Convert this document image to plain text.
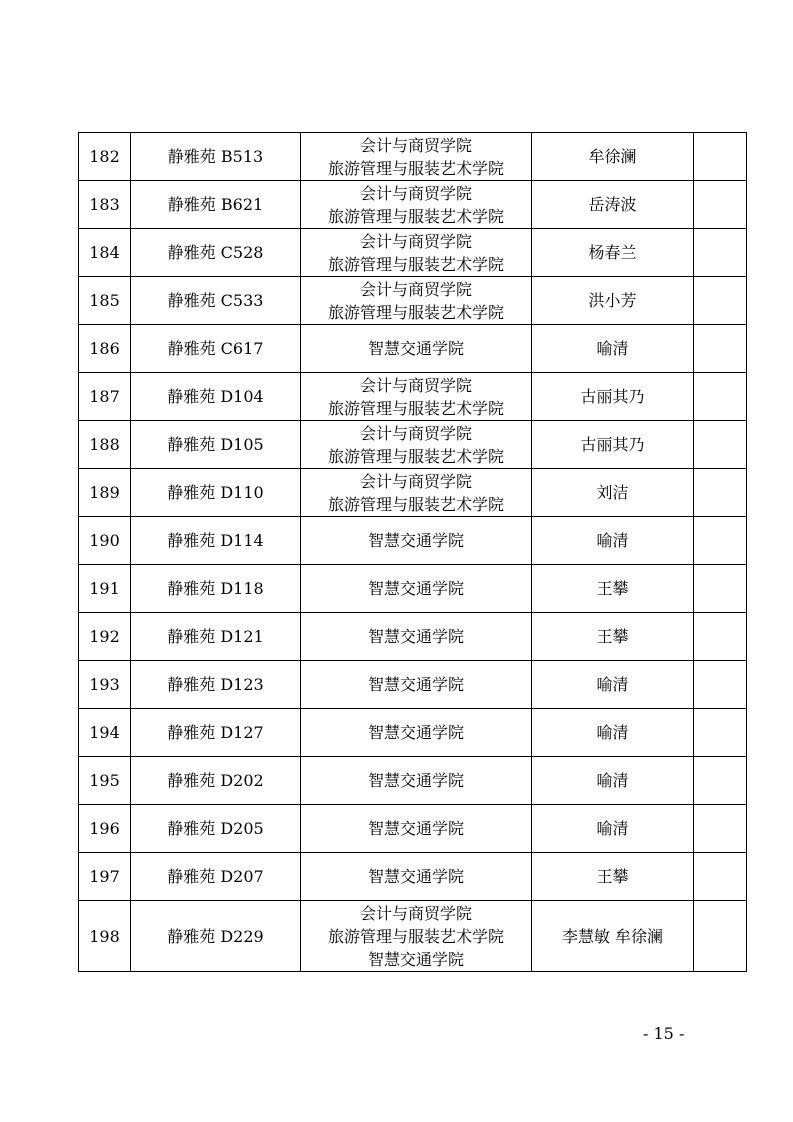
182	静雅苑 B513	会计与商贸学院
旅游管理与服装艺术学院	牟徐澜	
183	静雅苑 B621	会计与商贸学院
旅游管理与服装艺术学院	岳涛波	
184	静雅苑 C528	会计与商贸学院
旅游管理与服装艺术学院	杨春兰	
185	静雅苑 C533	会计与商贸学院
旅游管理与服装艺术学院	洪小芳	
186	静雅苑 C617	智慧交通学院	喻清	
187	静雅苑 D104	会计与商贸学院
旅游管理与服装艺术学院	古丽其乃	
188	静雅苑 D105	会计与商贸学院
旅游管理与服装艺术学院	古丽其乃	
189	静雅苑 D110	会计与商贸学院
旅游管理与服装艺术学院	刘洁	
190	静雅苑 D114	智慧交通学院	喻清	
191	静雅苑 D118	智慧交通学院	王攀	
192	静雅苑 D121	智慧交通学院	王攀	
193	静雅苑 D123	智慧交通学院	喻清	
194	静雅苑 D127	智慧交通学院	喻清	
195	静雅苑 D202	智慧交通学院	喻清	
196	静雅苑 D205	智慧交通学院	喻清	
197	静雅苑 D207	智慧交通学院	王攀	
198	静雅苑 D229	会计与商贸学院
旅游管理与服装艺术学院
智慧交通学院	李慧敏 牟徐澜	
- 15 -
